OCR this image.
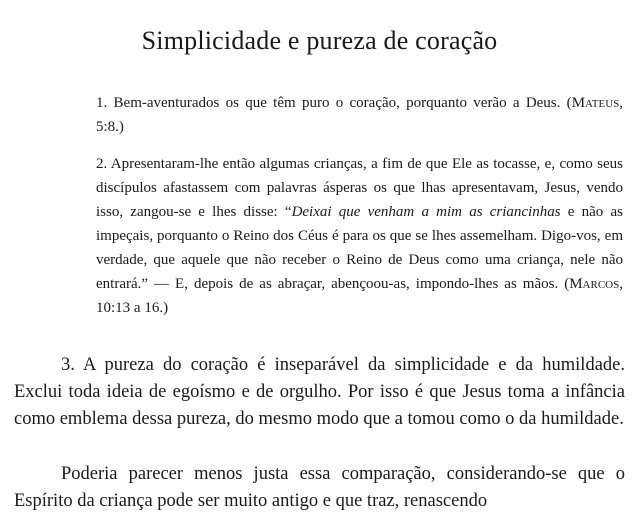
Simplicidade e pureza de coração

1. Bem-aventurados os que têm puro o coração, porquanto verão a Deus. (Mateus, 5:8.)

2. Apresentaram-lhe então algumas crianças, a fim de que Ele as tocasse, e, como seus discípulos afastassem com palavras ásperas os que lhas apresentavam, Jesus, vendo isso, zangou-se e lhes disse: “Deixai que venham a mim as criancinhas e não as impeçais, porquanto o Reino dos Céus é para os que se lhes assemelham. Digo-vos, em verdade, que aquele que não receber o Reino de Deus como uma criança, nele não entrará.” — E, depois de as abraçar, abençoou-as, impondo-lhes as mãos. (Marcos, 10:13 a 16.)

3. A pureza do coração é inseparável da simplicidade e da humildade. Exclui toda ideia de egoísmo e de orgulho. Por isso é que Jesus toma a infância como emblema dessa pureza, do mesmo modo que a tomou como o da humildade.

Poderia parecer menos justa essa comparação, considerando-se que o Espírito da criança pode ser muito antigo e que traz, renascendo
